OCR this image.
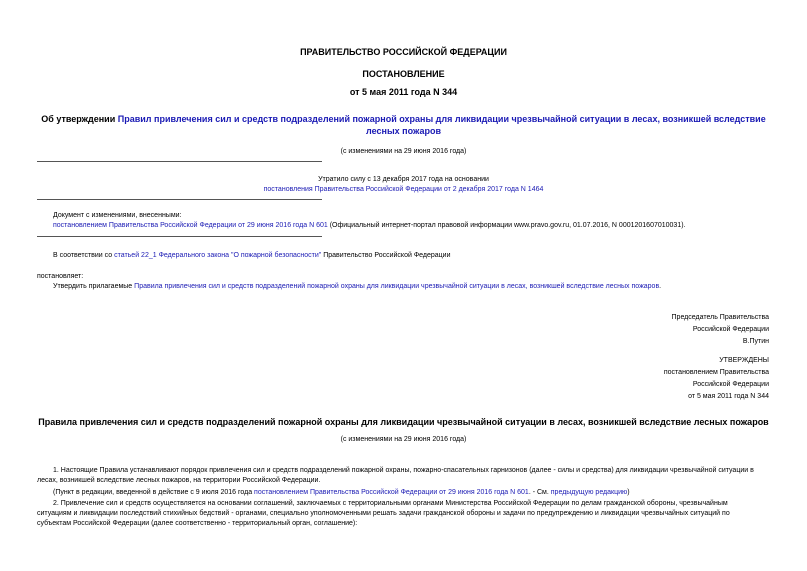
ПРАВИТЕЛЬСТВО РОССИЙСКОЙ ФЕДЕРАЦИИ
ПОСТАНОВЛЕНИЕ
от 5 мая 2011 года N 344
Об утверждении Правил привлечения сил и средств подразделений пожарной охраны для ликвидации чрезвычайной ситуации в лесах, возникшей вследствие лесных пожаров
(с изменениями на 29 июня 2016 года)
Утратило силу с 13 декабря 2017 года на основании
постановления Правительства Российской Федерации от 2 декабря 2017 года N 1464
Документ с изменениями, внесенными:
постановлением Правительства Российской Федерации от 29 июня 2016 года N 601 (Официальный интернет-портал правовой информации www.pravo.gov.ru, 01.07.2016, N 0001201607010031).
В соответствии со статьей 22_1 Федерального закона "О пожарной безопасности" Правительство Российской Федерации
постановляет:
Утвердить прилагаемые Правила привлечения сил и средств подразделений пожарной охраны для ликвидации чрезвычайной ситуации в лесах, возникшей вследствие лесных пожаров.
Председатель Правительства
Российской Федерации
В.Путин
УТВЕРЖДЕНЫ
постановлением Правительства
Российской Федерации
от 5 мая 2011 года N 344
Правила привлечения сил и средств подразделений пожарной охраны для ликвидации чрезвычайной ситуации в лесах, возникшей вследствие лесных пожаров
(с изменениями на 29 июня 2016 года)
1. Настоящие Правила устанавливают порядок привлечения сил и средств подразделений пожарной охраны, пожарно-спасательных гарнизонов (далее - силы и средства) для ликвидации чрезвычайной ситуации в
лесах, возникшей вследствие лесных пожаров, на территории Российской Федерации.
(Пункт в редакции, введенной в действие с 9 июля 2016 года постановлением Правительства Российской Федерации от 29 июня 2016 года N 601. - См. предыдущую редакцию)
2. Привлечение сил и средств осуществляется на основании соглашений, заключаемых с территориальными органами Министерства Российской Федерации по делам гражданской обороны, чрезвычайным
ситуациям и ликвидации последствий стихийных бедствий - органами, специально уполномоченными решать задачи гражданской обороны и задачи по предупреждению и ликвидации чрезвычайных ситуаций по
субъектам Российской Федерации (далее соответственно - территориальный орган, соглашение):
